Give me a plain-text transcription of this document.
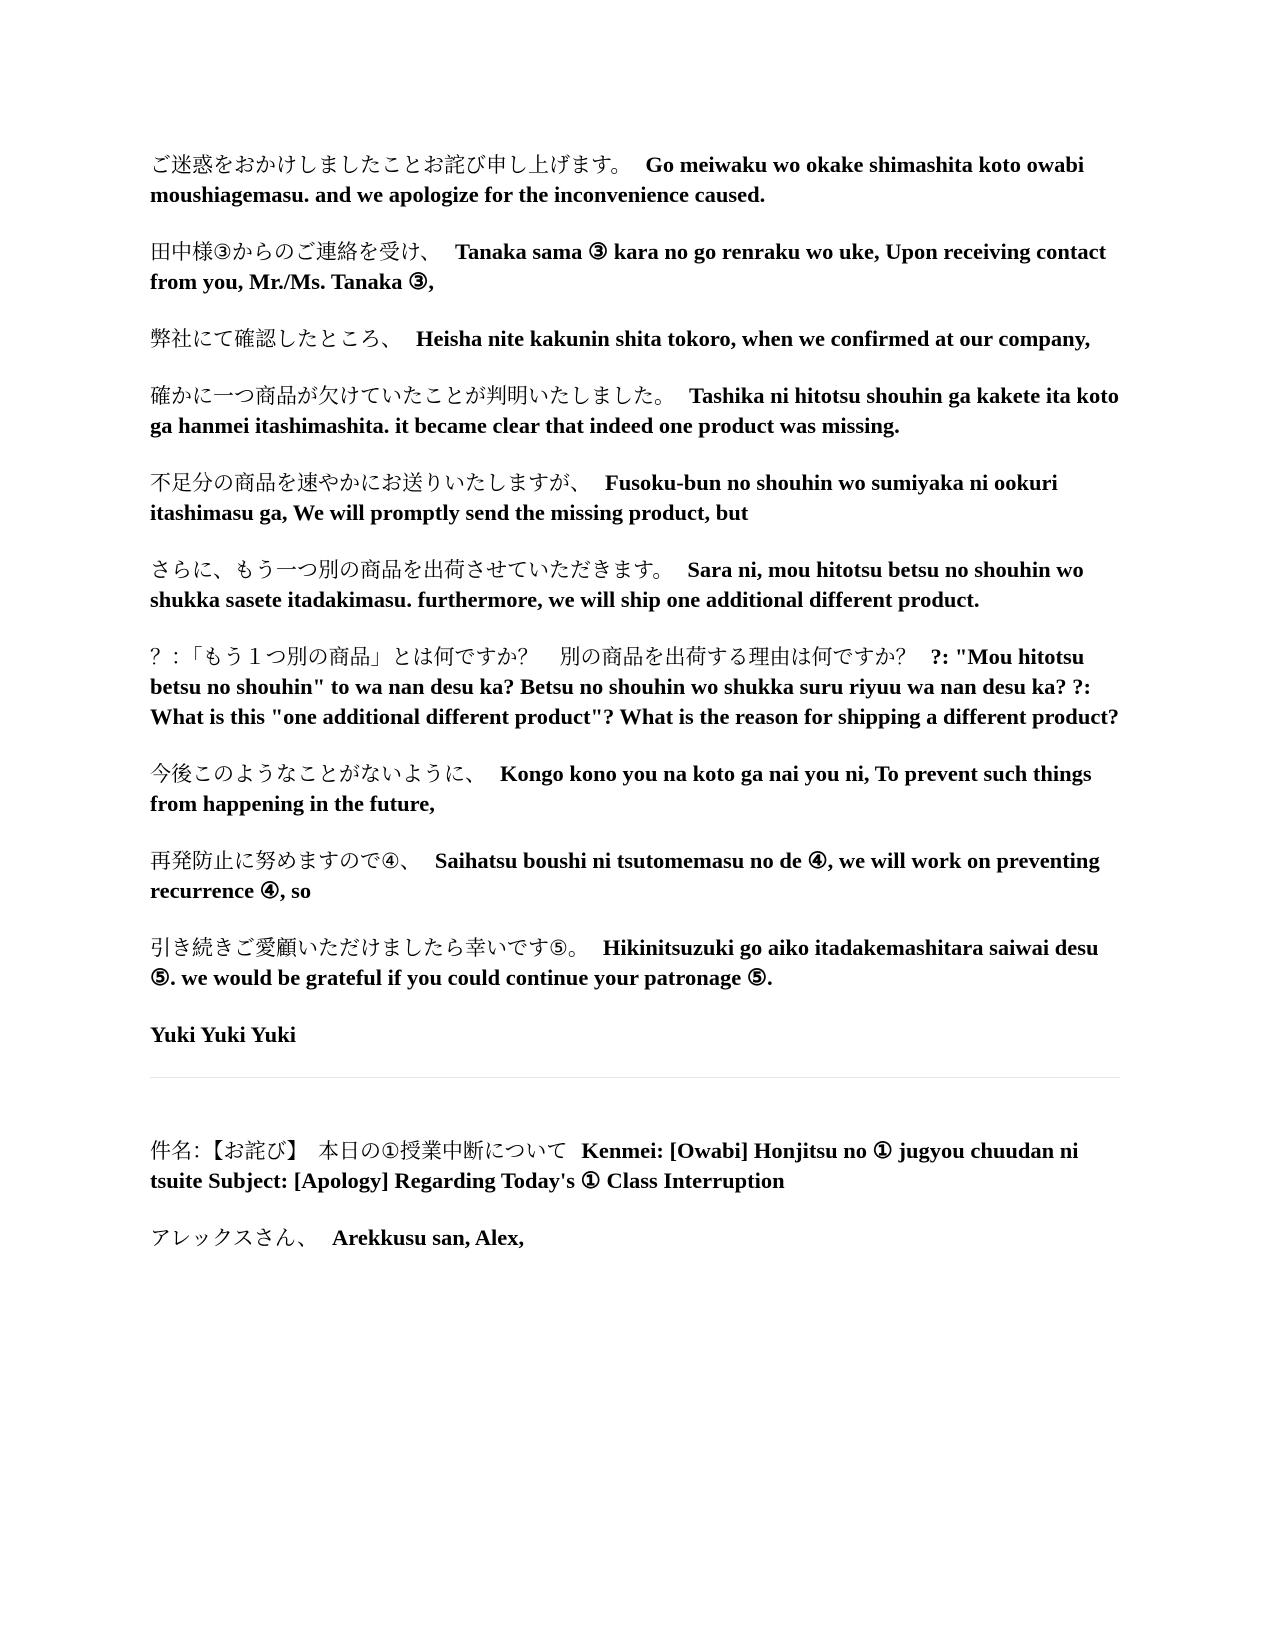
ご迷惑をおかけしましたことお詫び申し上げます。 Go meiwaku wo okake shimashita koto owabi moushiagemasu. and we apologize for the inconvenience caused.

田中様③からのご連絡を受け、 Tanaka sama ③ kara no go renraku wo uke, Upon receiving contact from you, Mr./Ms. Tanaka ③,

弊社にて確認したところ、 Heisha nite kakunin shita tokoro, when we confirmed at our company,

確かに一つ商品が欠けていたことが判明いたしました。 Tashika ni hitotsu shouhin ga kakete ita koto ga hanmei itashimashita. it became clear that indeed one product was missing.

不足分の商品を速やかにお送りいたしますが、 Fusoku-bun no shouhin wo sumiyaka ni ookuri itashimasu ga, We will promptly send the missing product, but

さらに、もう一つ別の商品を出荷させていただきます。 Sara ni, mou hitotsu betsu no shouhin wo shukka sasete itadakimasu. furthermore, we will ship one additional different product.

？：「もう１つ別の商品」とは何ですか？　別の商品を出荷する理由は何ですか？ ?: "Mou hitotsu betsu no shouhin" to wa nan desu ka? Betsu no shouhin wo shukka suru riyuu wa nan desu ka? ?: What is this "one additional different product"? What is the reason for shipping a different product?

今後このようなことがないように、 Kongo kono you na koto ga nai you ni, To prevent such things from happening in the future,

再発防止に努めますので④、 Saihatsu boushi ni tsutomemasu no de ④, we will work on preventing recurrence ④, so

引き続きご愛顧いただけましたら幸いです⑤。 Hikinitsuzuki go aiko itadakemashitara saiwai desu ⑤. we would be grateful if you could continue your patronage ⑤.

Yuki Yuki Yuki

件名：【お詫び】　本日の①授業中断について Kenmei: [Owabi] Honjitsu no ① jugyou chuudan ni tsuite Subject: [Apology] Regarding Today's ① Class Interruption

アレックスさん、 Arekkusu san, Alex,
